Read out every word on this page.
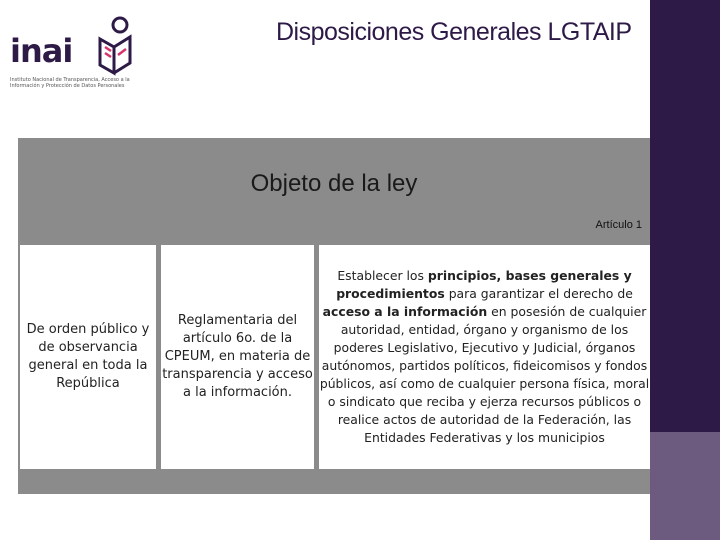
Disposiciones Generales LGTAIP
inai
Instituto Nacional de Transparencia, Acceso a la
Información y Protección de Datos Personales
Objeto de la ley
Artículo 1
De orden público y de observancia general en toda la República
Reglamentaria del artículo 6o. de la CPEUM, en materia de transparencia y acceso a la información.
Establecer los principios, bases generales y procedimientos para garantizar el derecho de acceso a la información en posesión de cualquier autoridad, entidad, órgano y organismo de los poderes Legislativo, Ejecutivo y Judicial, órganos autónomos, partidos políticos, fideicomisos y fondos públicos, así como de cualquier persona física, moral o sindicato que reciba y ejerza recursos públicos o realice actos de autoridad de la Federación, las Entidades Federativas y los municipios
